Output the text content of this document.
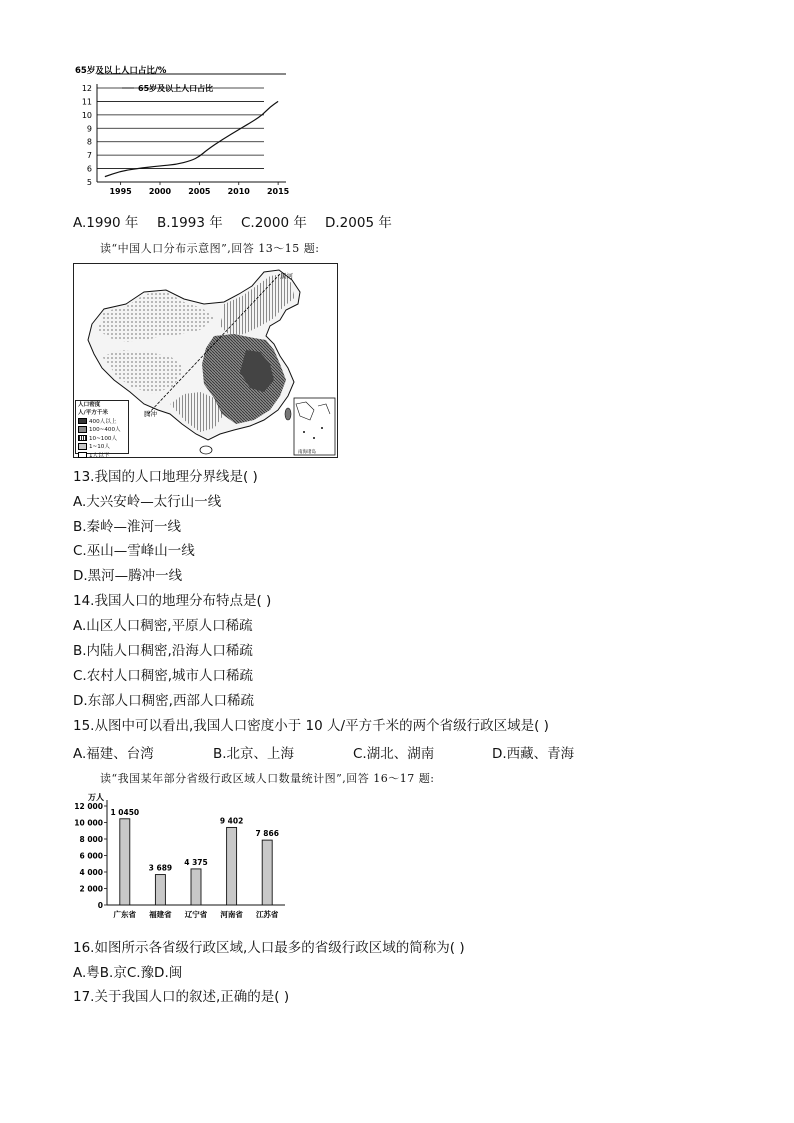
65岁及以上人口占比/%
5
6
7
8
9
10
11
12
1995 2000 2005 2010 2015
65岁及以上人口占比
A.1990 年 B.1993 年 C.2000 年 D.2005 年
读“中国人口分布示意图”,回答 13～15 题:
黑河
腾冲
南海诸岛
人口密度
人/平方千米
400人以上
100~400人
10~100人
1~10人
1人以下
13.我国的人口地理分界线是( )
A.大兴安岭—太行山一线
B.秦岭—淮河一线
C.巫山—雪峰山一线
D.黑河—腾冲一线
14.我国人口的地理分布特点是( )
A.山区人口稠密,平原人口稀疏
B.内陆人口稠密,沿海人口稀疏
C.农村人口稠密,城市人口稀疏
D.东部人口稠密,西部人口稀疏
15.从图中可以看出,我国人口密度小于 10 人/平方千米的两个省级行政区域是( )
A.福建、台湾	B.北京、上海	C.湖北、湖南	D.西藏、青海
读“我国某年部分省级行政区域人口数量统计图”,回答 16～17 题:
万人
0
2 000
4 000
6 000
8 000
10 000
12 000
1 0450
3 689
4 375
9 402
7 866
广东省 福建省 辽宁省 河南省 江苏省
16.如图所示各省级行政区域,人口最多的省级行政区域的简称为( )
A.粤B.京C.豫D.闽
17.关于我国人口的叙述,正确的是( )
